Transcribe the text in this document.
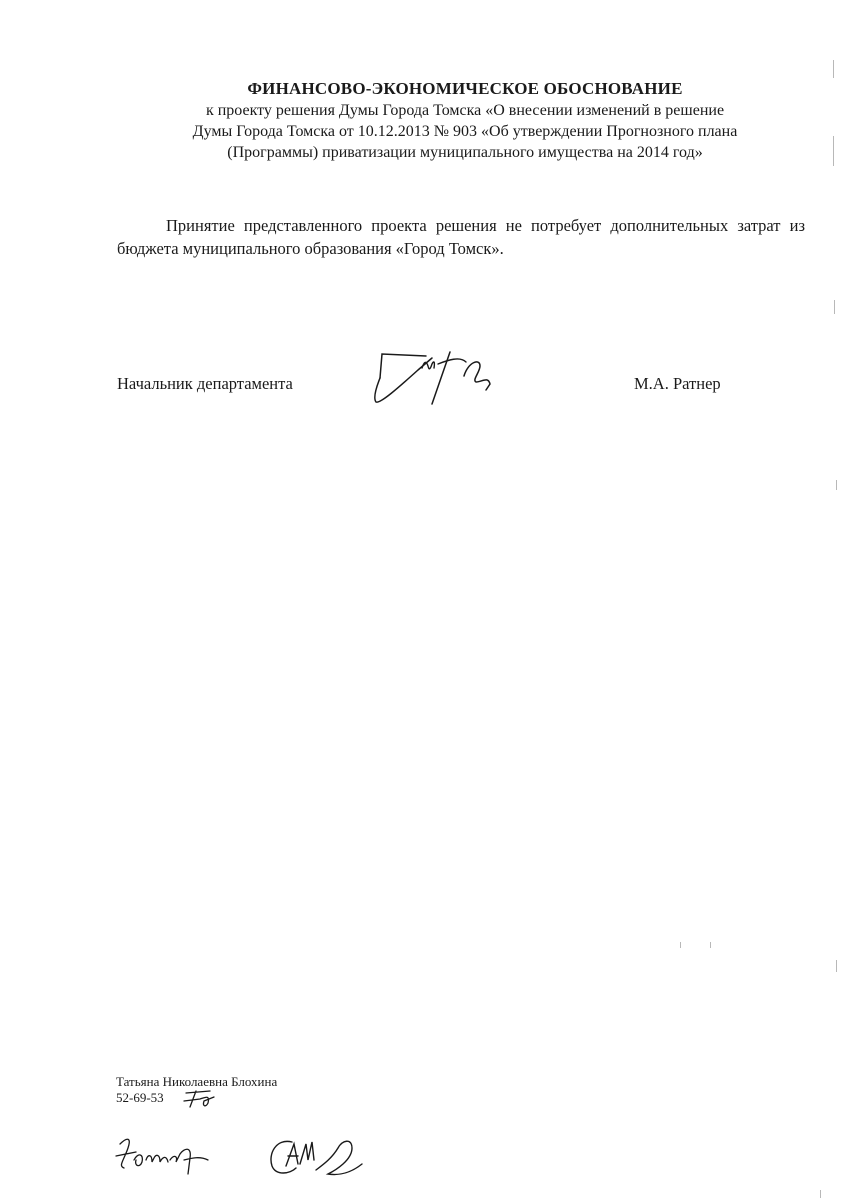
ФИНАНСОВО-ЭКОНОМИЧЕСКОЕ ОБОСНОВАНИЕ
к проекту решения Думы Города Томска «О внесении изменений в решение
Думы Города Томска от 10.12.2013 № 903 «Об утверждении Прогнозного плана
(Программы) приватизации муниципального имущества на 2014 год»
Принятие представленного проекта решения не потребует дополнительных затрат из
бюджета муниципального образования «Город Томск».
Начальник департамента	М.А. Ратнер
Татьяна Николаевна Блохина
52-69-53
